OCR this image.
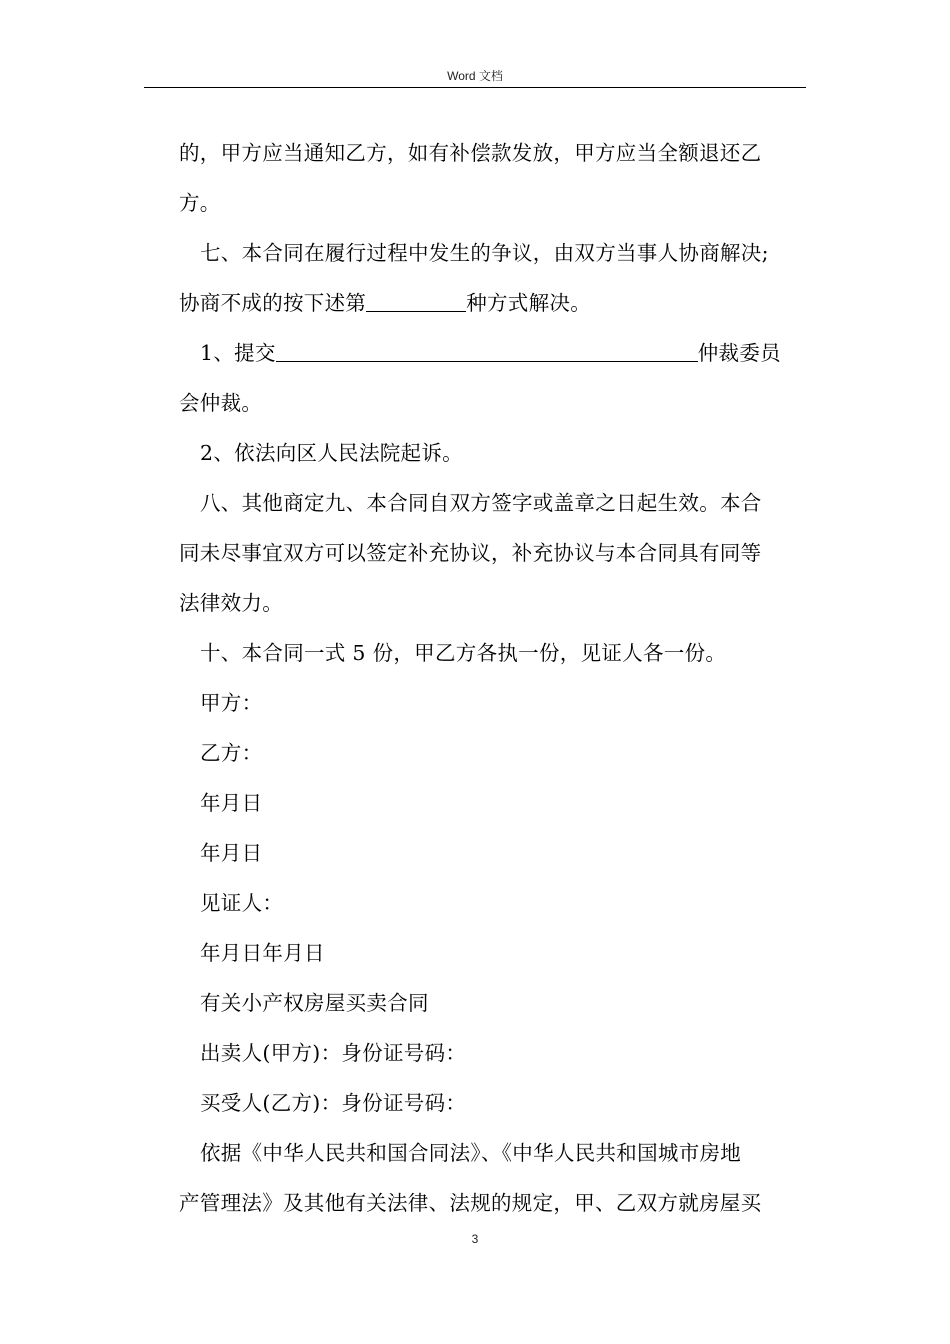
Word 文档

的，甲方应当通知乙方，如有补偿款发放，甲方应当全额退还乙

方。

七、本合同在履行过程中发生的争议，由双方当事人协商解决;

协商不成的按下述第	种方式解决。

1、提交	仲裁委员

会仲裁。

2、依法向区人民法院起诉。

八、其他商定九、本合同自双方签字或盖章之日起生效。本合

同未尽事宜双方可以签定补充协议，补充协议与本合同具有同等

法律效力。

十、本合同一式 5 份，甲乙方各执一份，见证人各一份。

甲方：

乙方：

年月日

年月日

见证人：

年月日年月日

有关小产权房屋买卖合同

出卖人(甲方)：身份证号码：

买受人(乙方)：身份证号码：

依据《中华人民共和国合同法》、《中华人民共和国城市房地

产管理法》及其他有关法律、法规的规定，甲、乙双方就房屋买

3
